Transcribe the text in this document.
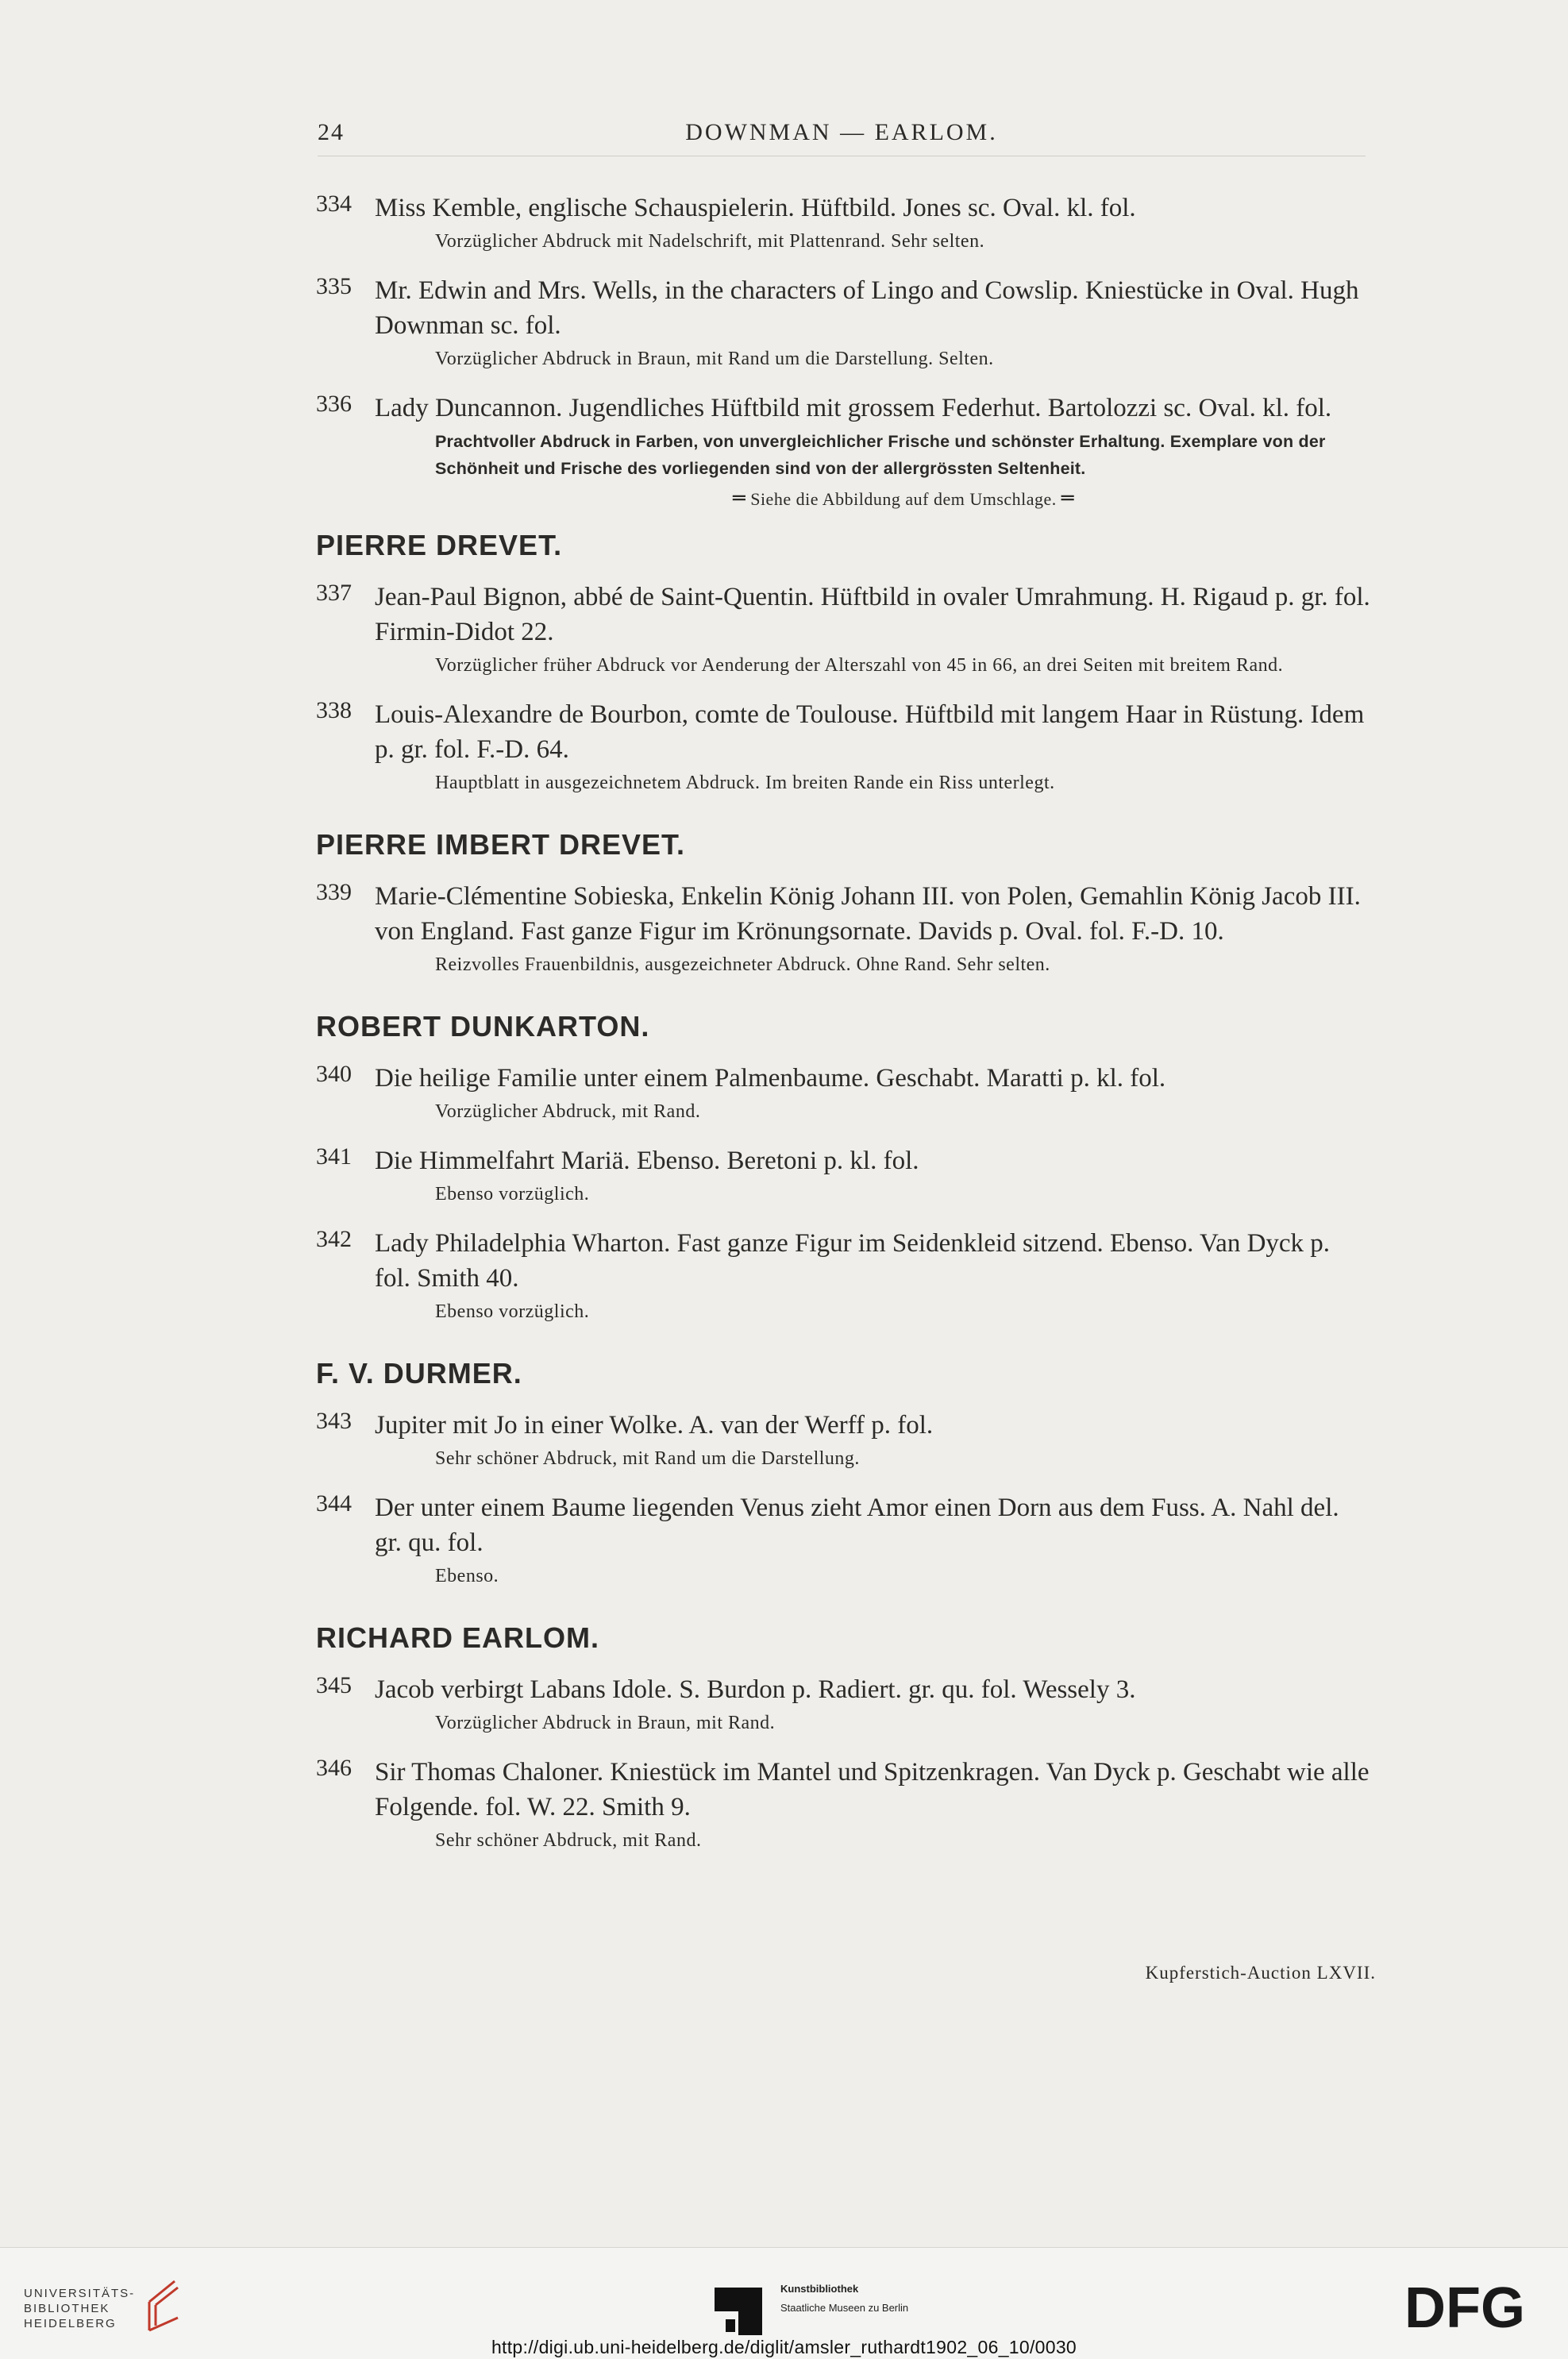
24	DOWNMAN — EARLOM.
334 Miss Kemble, englische Schauspielerin. Hüftbild. Jones sc. Oval. kl. fol.
Vorzüglicher Abdruck mit Nadelschrift, mit Plattenrand. Sehr selten.
335 Mr. Edwin and Mrs. Wells, in the characters of Lingo and Cowslip. Kniestücke in Oval. Hugh Downman sc. fol.
Vorzüglicher Abdruck in Braun, mit Rand um die Darstellung. Selten.
336 Lady Duncannon. Jugendliches Hüftbild mit grossem Federhut. Bartolozzi sc. Oval. kl. fol.
Prachtvoller Abdruck in Farben, von unvergleichlicher Frische und schönster Erhaltung. Exemplare von der Schönheit und Frische des vorliegenden sind von der allergrössten Seltenheit.
═ Siehe die Abbildung auf dem Umschlage. ═
PIERRE DREVET.
337 Jean-Paul Bignon, abbé de Saint-Quentin. Hüftbild in ovaler Umrahmung. H. Rigaud p. gr. fol. Firmin-Didot 22.
Vorzüglicher früher Abdruck vor Aenderung der Alterszahl von 45 in 66, an drei Seiten mit breitem Rand.
338 Louis-Alexandre de Bourbon, comte de Toulouse. Hüftbild mit langem Haar in Rüstung. Idem p. gr. fol. F.-D. 64.
Hauptblatt in ausgezeichnetem Abdruck. Im breiten Rande ein Riss unterlegt.
PIERRE IMBERT DREVET.
339 Marie-Clémentine Sobieska, Enkelin König Johann III. von Polen, Gemahlin König Jacob III. von England. Fast ganze Figur im Krönungsornate. Davids p. Oval. fol. F.-D. 10.
Reizvolles Frauenbildnis, ausgezeichneter Abdruck. Ohne Rand. Sehr selten.
ROBERT DUNKARTON.
340 Die heilige Familie unter einem Palmenbaume. Geschabt. Maratti p. kl. fol.
Vorzüglicher Abdruck, mit Rand.
341 Die Himmelfahrt Mariä. Ebenso. Beretoni p. kl. fol.
Ebenso vorzüglich.
342 Lady Philadelphia Wharton. Fast ganze Figur im Seidenkleid sitzend. Ebenso. Van Dyck p. fol. Smith 40.
Ebenso vorzüglich.
F. V. DURMER.
343 Jupiter mit Jo in einer Wolke. A. van der Werff p. fol.
Sehr schöner Abdruck, mit Rand um die Darstellung.
344 Der unter einem Baume liegenden Venus zieht Amor einen Dorn aus dem Fuss. A. Nahl del. gr. qu. fol.
Ebenso.
RICHARD EARLOM.
345 Jacob verbirgt Labans Idole. S. Burdon p. Radiert. gr. qu. fol. Wessely 3.
Vorzüglicher Abdruck in Braun, mit Rand.
346 Sir Thomas Chaloner. Kniestück im Mantel und Spitzenkragen. Van Dyck p. Geschabt wie alle Folgende. fol. W. 22. Smith 9.
Sehr schöner Abdruck, mit Rand.
Kupferstich-Auction LXVII.
UNIVERSITÄTS-
BIBLIOTHEK
HEIDELBERG
Kunstbibliothek
Staatliche Museen zu Berlin	DFG
http://digi.ub.uni-heidelberg.de/diglit/amsler_ruthardt1902_06_10/0030
